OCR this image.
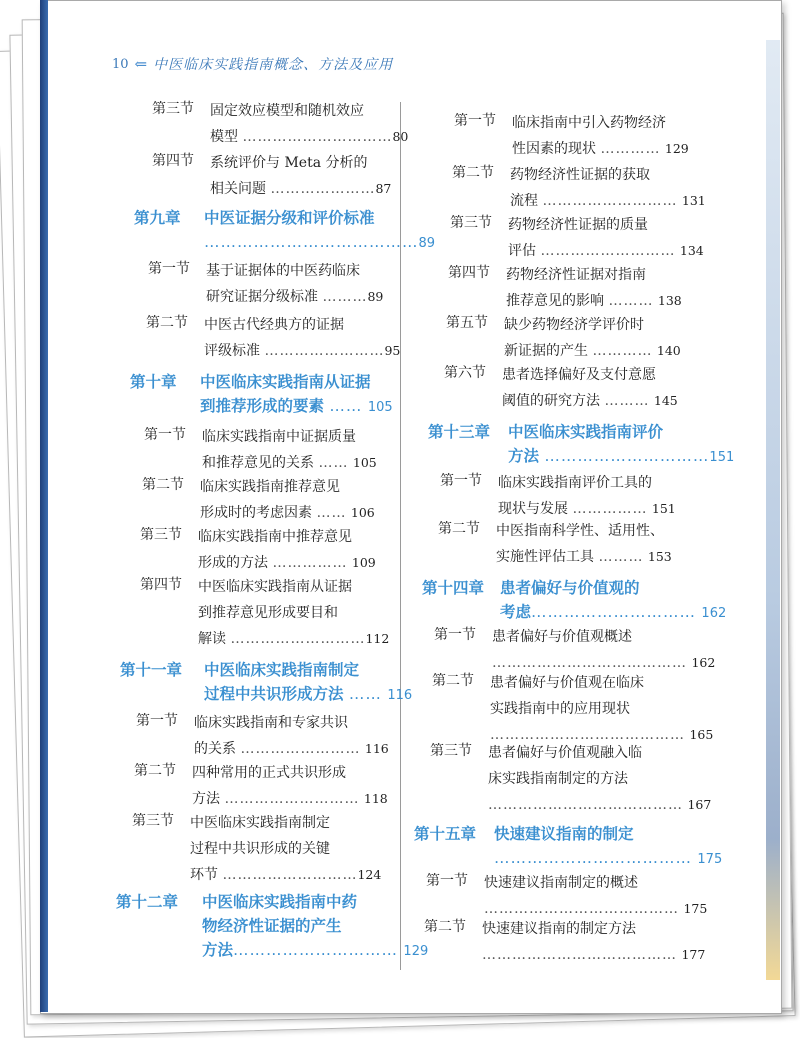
10 ⇐ 中医临床实践指南概念、方法及应用
第三节	固定效应模型和随机效应
模型 …………………………80
第四节	系统评价与 Meta 分析的
相关问题 …………………87
第九章	中医证据分级和评价标准
…………………………………89
第一节	基于证据体的中医药临床
研究证据分级标准 ………89
第二节	中医古代经典方的证据
评级标准 ……………………95
第十章	中医临床实践指南从证据
到推荐形成的要素 …… 105
第一节	临床实践指南中证据质量
和推荐意见的关系 …… 105
第二节	临床实践指南推荐意见
形成时的考虑因素 …… 106
第三节	临床实践指南中推荐意见
形成的方法 …………… 109
第四节	中医临床实践指南从证据
到推荐意见形成要目和
解读 ………………………112
第十一章	中医临床实践指南制定
过程中共识形成方法 …… 116
第一节	临床实践指南和专家共识
的关系 …………………… 116
第二节	四种常用的正式共识形成
方法 ……………………… 118
第三节	中医临床实践指南制定
过程中共识形成的关键
环节 ………………………124
第十二章	中医临床实践指南中药
物经济性证据的产生
方法………………………… 129
第一节	临床指南中引入药物经济
性因素的现状 ………… 129
第二节	药物经济性证据的获取
流程 ……………………… 131
第三节	药物经济性证据的质量
评估 ……………………… 134
第四节	药物经济性证据对指南
推荐意见的影响 ……… 138
第五节	缺少药物经济学评价时
新证据的产生 ………… 140
第六节	患者选择偏好及支付意愿
阈值的研究方法 ……… 145
第十三章	中医临床实践指南评价
方法 …………………………151
第一节	临床实践指南评价工具的
现状与发展 …………… 151
第二节	中医指南科学性、适用性、
实施性评估工具 ……… 153
第十四章	患者偏好与价值观的
考虑………………………… 162
第一节	患者偏好与价值观概述
………………………………… 162
第二节	患者偏好与价值观在临床
实践指南中的应用现状
………………………………… 165
第三节	患者偏好与价值观融入临
床实践指南制定的方法
………………………………… 167
第十五章	快速建议指南的制定
……………………………… 175
第一节	快速建议指南制定的概述
………………………………… 175
第二节	快速建议指南的制定方法
………………………………… 177
